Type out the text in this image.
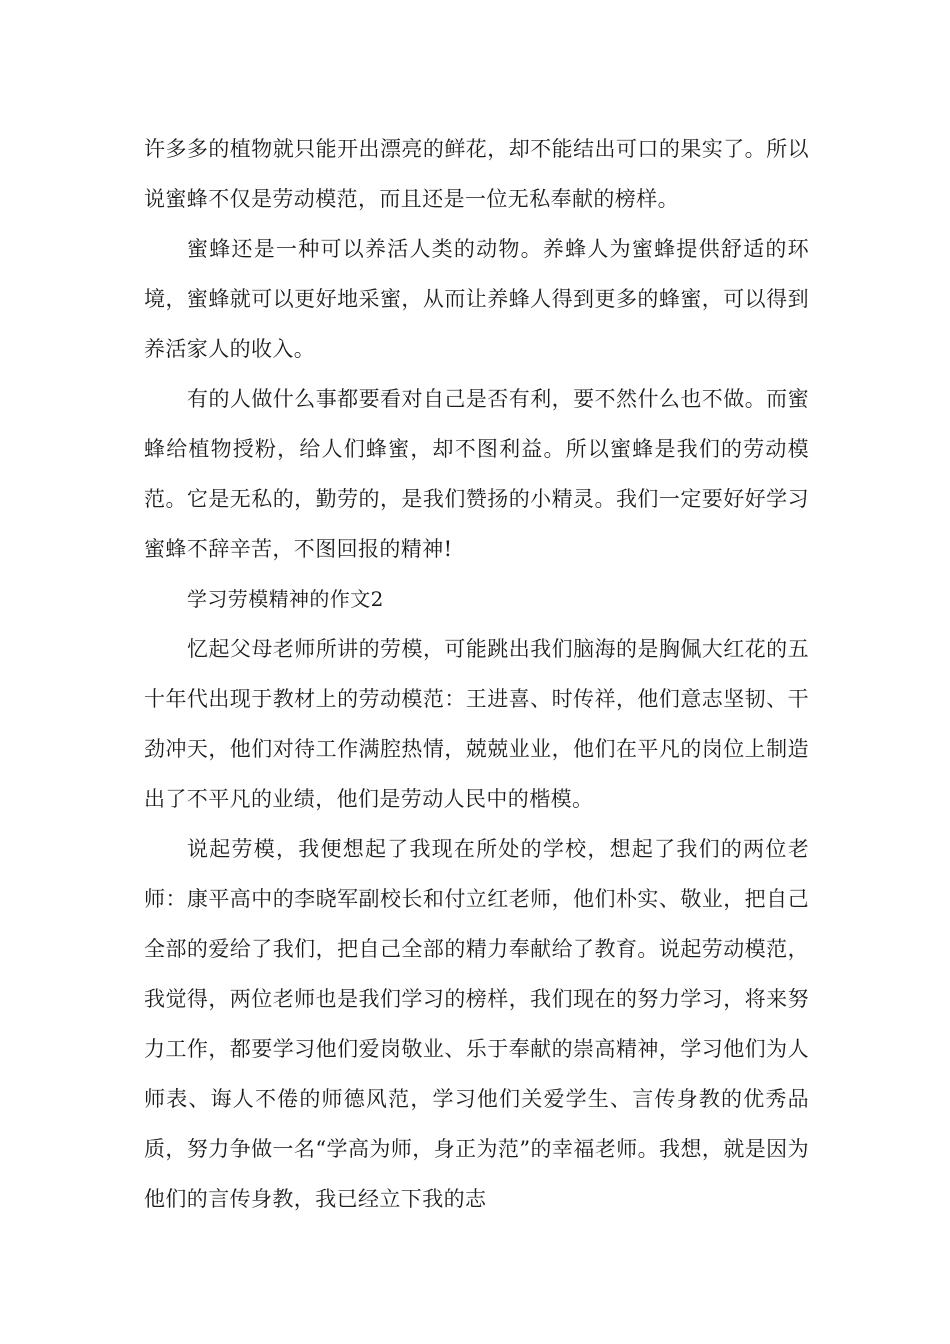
许多多的植物就只能开出漂亮的鲜花，却不能结出可口的果实了。所以说蜜蜂不仅是劳动模范，而且还是一位无私奉献的榜样。

蜜蜂还是一种可以养活人类的动物。养蜂人为蜜蜂提供舒适的环境，蜜蜂就可以更好地采蜜，从而让养蜂人得到更多的蜂蜜，可以得到养活家人的收入。

有的人做什么事都要看对自己是否有利，要不然什么也不做。而蜜蜂给植物授粉，给人们蜂蜜，却不图利益。所以蜜蜂是我们的劳动模范。它是无私的，勤劳的，是我们赞扬的小精灵。我们一定要好好学习蜜蜂不辞辛苦，不图回报的精神!

学习劳模精神的作文2

忆起父母老师所讲的劳模，可能跳出我们脑海的是胸佩大红花的五十年代出现于教材上的劳动模范：王进喜、时传祥，他们意志坚韧、干劲冲天，他们对待工作满腔热情，兢兢业业，他们在平凡的岗位上制造出了不平凡的业绩，他们是劳动人民中的楷模。

说起劳模，我便想起了我现在所处的学校，想起了我们的两位老师：康平高中的李晓军副校长和付立红老师，他们朴实、敬业，把自己全部的爱给了我们，把自己全部的精力奉献给了教育。说起劳动模范，我觉得，两位老师也是我们学习的榜样，我们现在的努力学习，将来努力工作，都要学习他们爱岗敬业、乐于奉献的崇高精神，学习他们为人师表、诲人不倦的师德风范，学习他们关爱学生、言传身教的优秀品质，努力争做一名“学高为师，身正为范”的幸福老师。我想，就是因为他们的言传身教，我已经立下我的志
